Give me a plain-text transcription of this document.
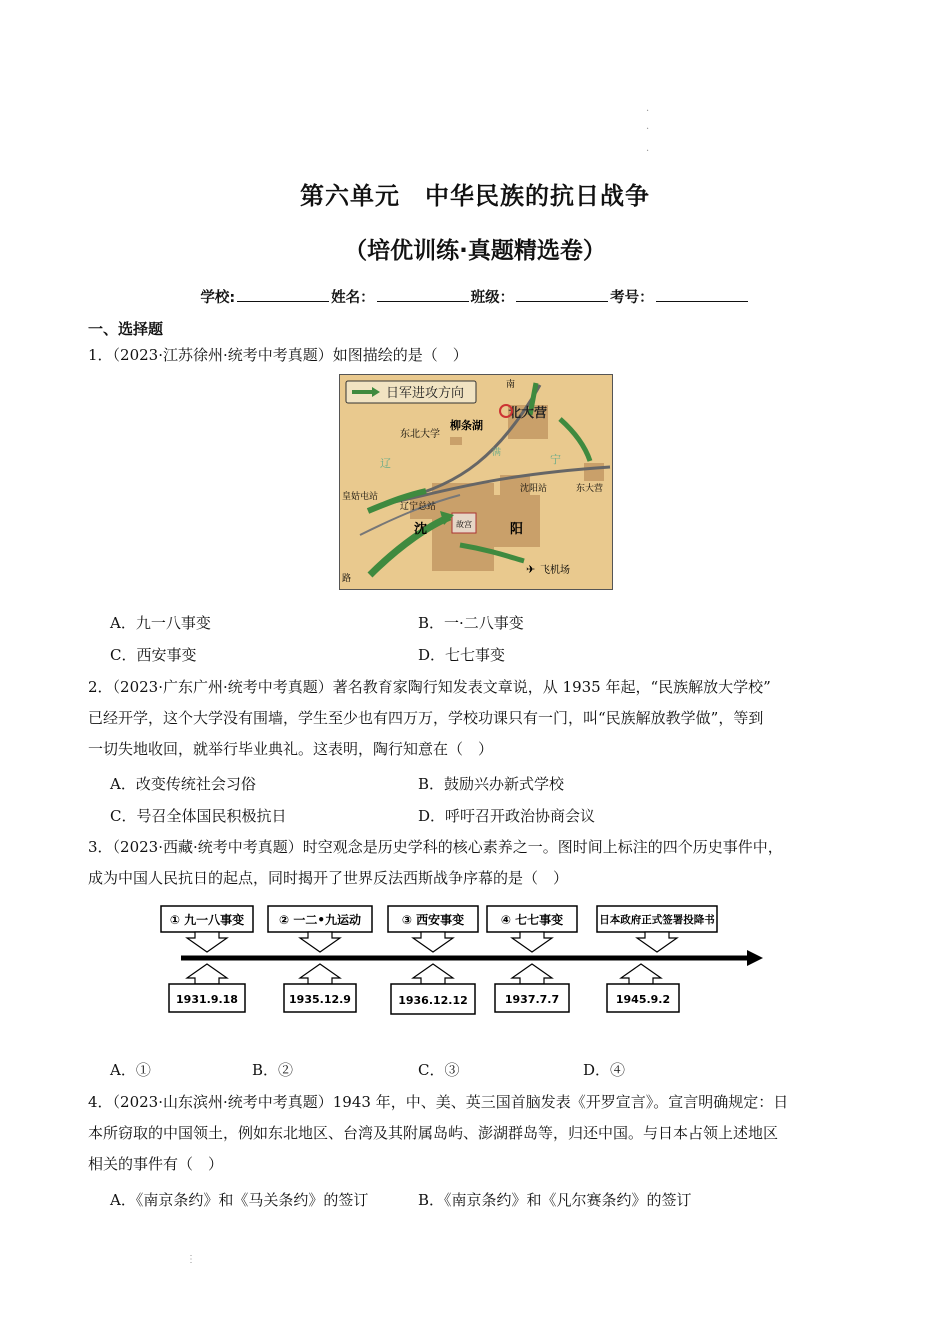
·
·
·
第六单元　中华民族的抗日战争
（培优训练·真题精选卷）
学校:	姓名：	班级：	考号：
一、选择题
1．（2023·江苏徐州·统考中考真题）如图描绘的是（　）
日军进攻方向
南
柳条湖
北大营
东北大学
辽	宁
满
沈阳站	东大营
皇姑屯站
辽宁总站
沈	故宫	阳
飞机场
✈
路
A．九一八事变	B．一·二八事变
C．西安事变	D．七七事变
2．（2023·广东广州·统考中考真题）著名教育家陶行知发表文章说，从 1935 年起，“民族解放大学校”
已经开学，这个大学没有围墙，学生至少也有四万万，学校功课只有一门，叫“民族解放教学做”，等到
一切失地收回，就举行毕业典礼。这表明，陶行知意在（　）
A．改变传统社会习俗	B．鼓励兴办新式学校
C．号召全体国民积极抗日	D．呼吁召开政治协商会议
3．（2023·西藏·统考中考真题）时空观念是历史学科的核心素养之一。图时间上标注的四个历史事件中，
成为中国人民抗日的起点，同时揭开了世界反法西斯战争序幕的是（　）
① 九一八事变	② 一二•九运动	③ 西安事变	④ 七七事变	日本政府正式签署投降书
1931.9.18	1935.12.9	1936.12.12	1937.7.7	1945.9.2
A．①	B．②	C．③	D．④
4．（2023·山东滨州·统考中考真题）1943 年，中、美、英三国首脑发表《开罗宣言》。宣言明确规定：日
本所窃取的中国领土，例如东北地区、台湾及其附属岛屿、澎湖群岛等，归还中国。与日本占领上述地区
相关的事件有（　）
A．《南京条约》和《马关条约》的签订	B．《南京条约》和《凡尔赛条约》的签订
⋮
